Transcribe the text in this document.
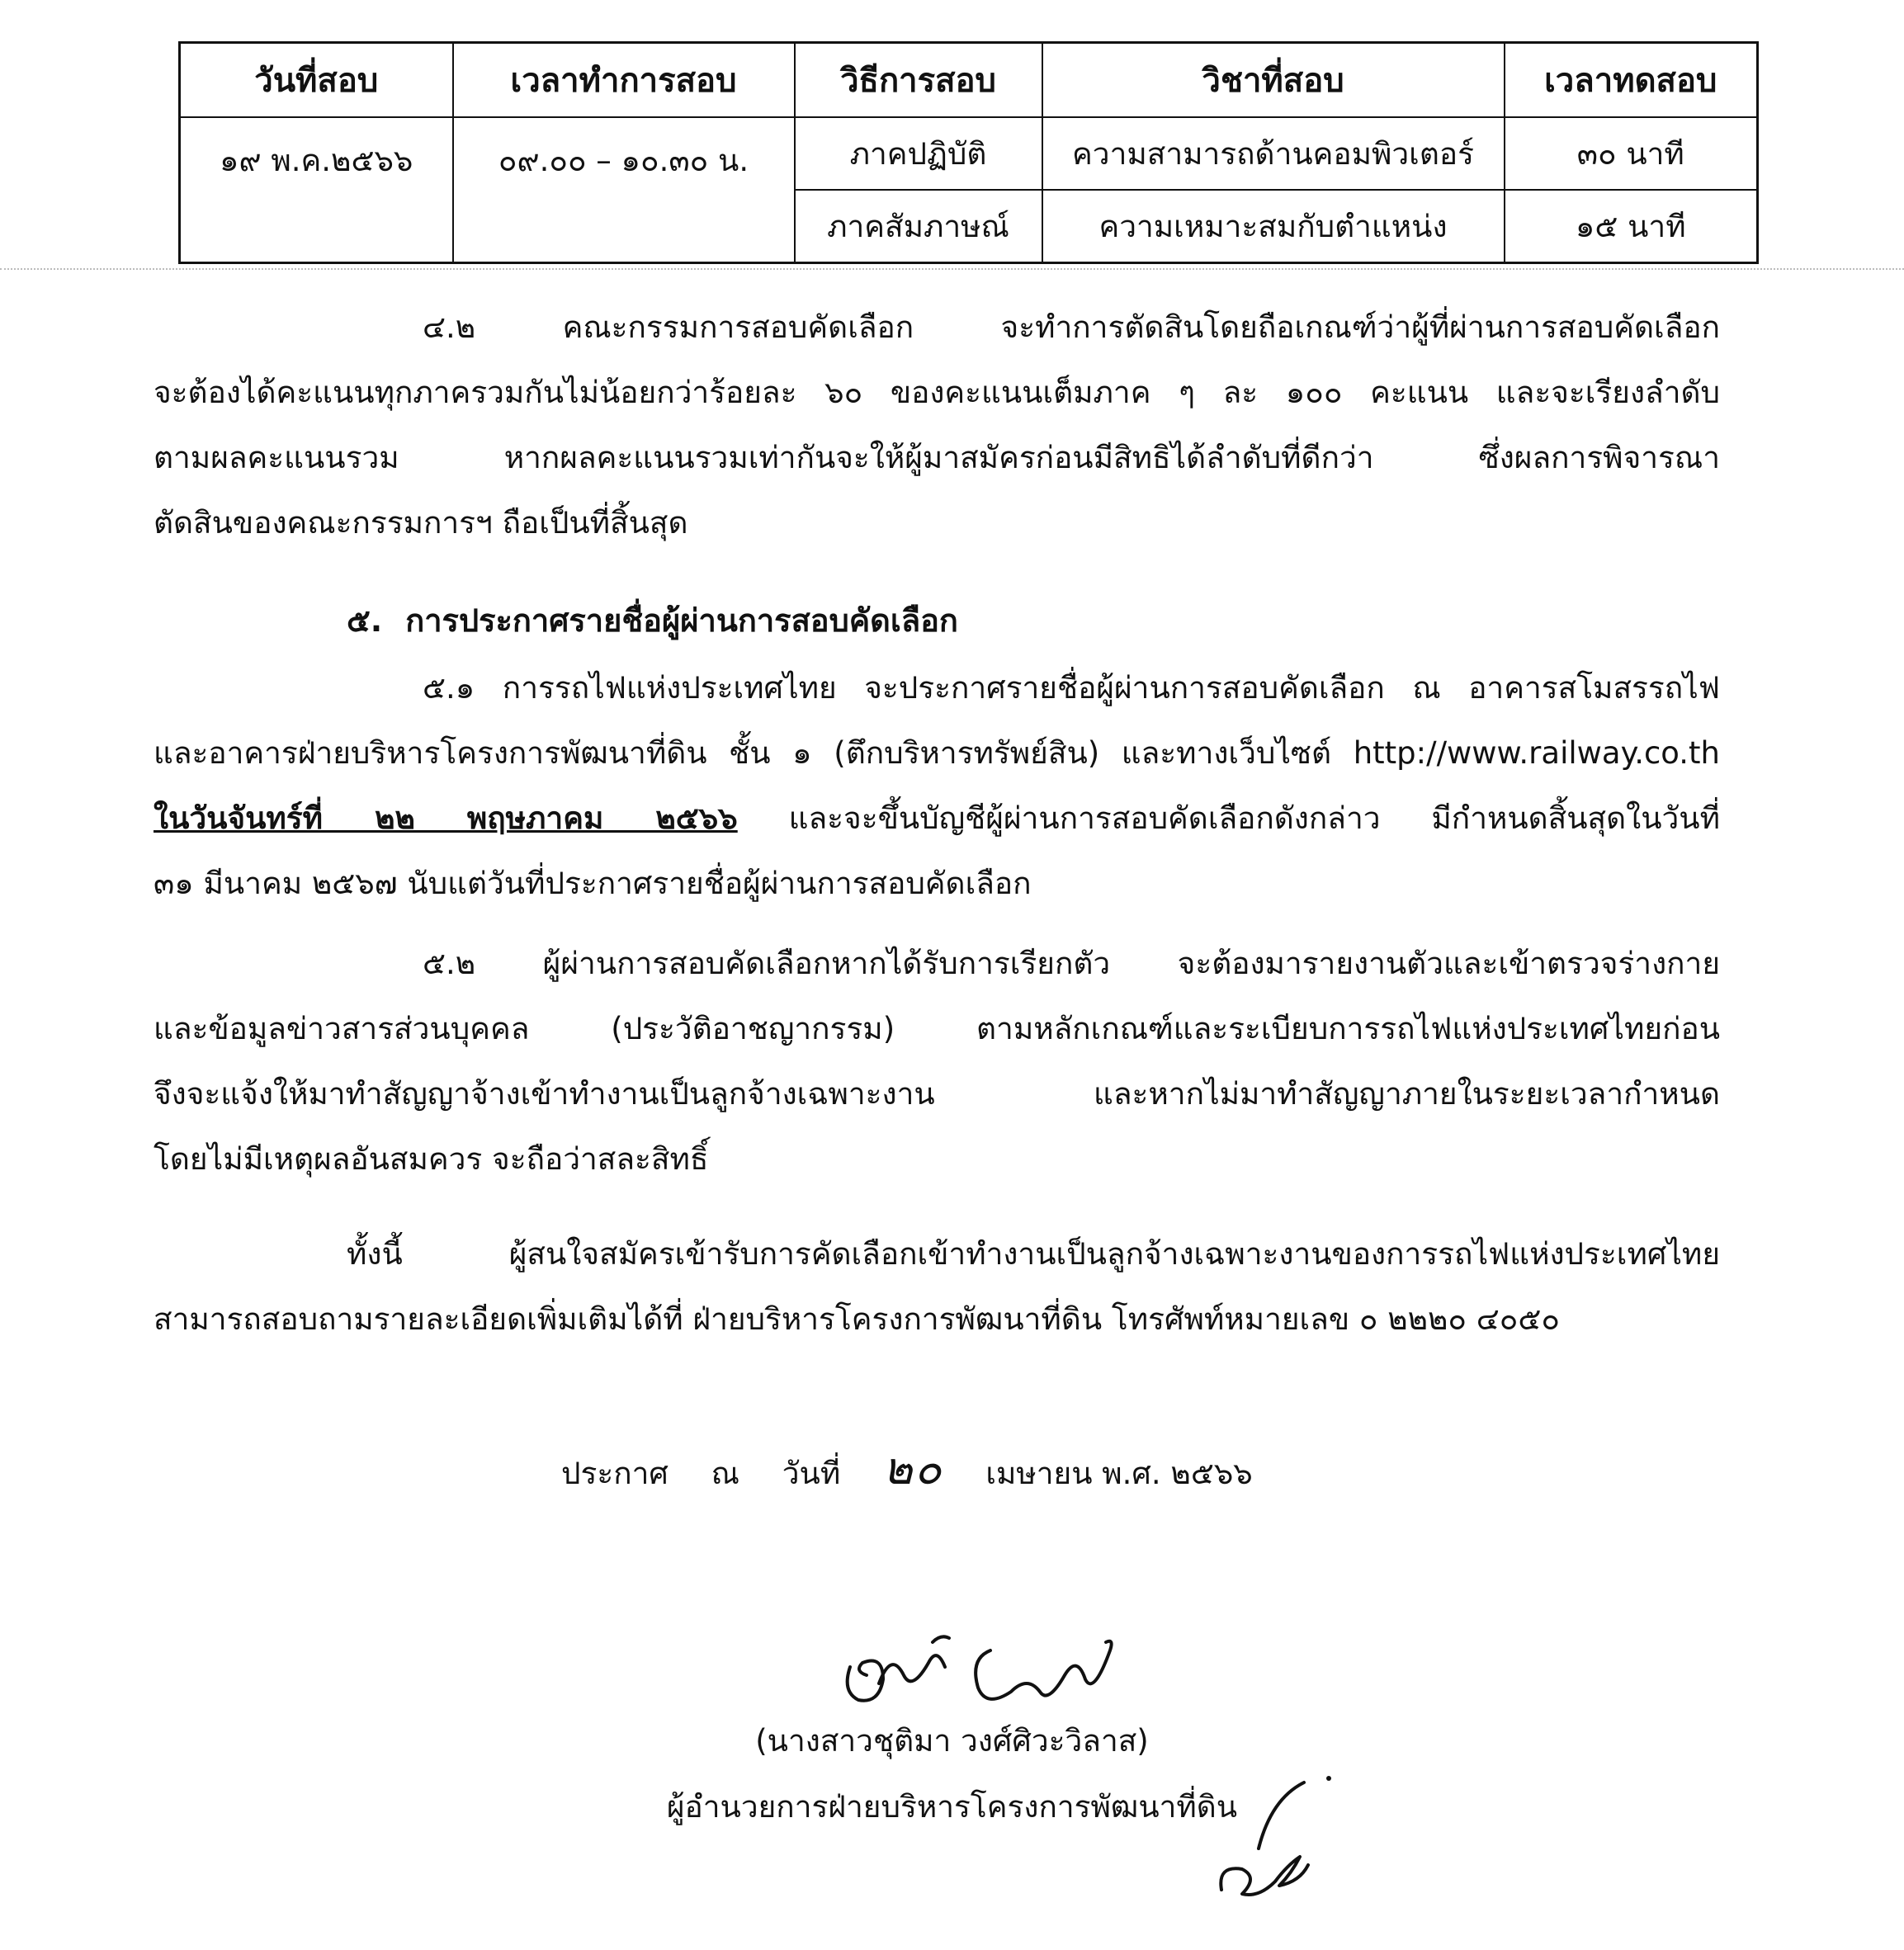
วันที่สอบ	เวลาทำการสอบ	วิธีการสอบ	วิชาที่สอบ	เวลาทดสอบ
๑๙ พ.ค.๒๕๖๖	๐๙.๐๐ – ๑๐.๓๐ น.	ภาคปฏิบัติ	ความสามารถด้านคอมพิวเตอร์	๓๐ นาที
		ภาคสัมภาษณ์	ความเหมาะสมกับตำแหน่ง	๑๕ นาที
๔.๒ คณะกรรมการสอบคัดเลือก จะทำการตัดสินโดยถือเกณฑ์ว่าผู้ที่ผ่านการสอบคัดเลือก
จะต้องได้คะแนนทุกภาครวมกันไม่น้อยกว่าร้อยละ ๖๐ ของคะแนนเต็มภาค ๆ ละ ๑๐๐ คะแนน และจะเรียงลำดับ
ตามผลคะแนนรวม หากผลคะแนนรวมเท่ากันจะให้ผู้มาสมัครก่อนมีสิทธิได้ลำดับที่ดีกว่า ซึ่งผลการพิจารณา
ตัดสินของคณะกรรมการฯ ถือเป็นที่สิ้นสุด
๕. การประกาศรายชื่อผู้ผ่านการสอบคัดเลือก
๕.๑ การรถไฟแห่งประเทศไทย จะประกาศรายชื่อผู้ผ่านการสอบคัดเลือก ณ อาคารสโมสรรถไฟ
และอาคารฝ่ายบริหารโครงการพัฒนาที่ดิน ชั้น ๑ (ตึกบริหารทรัพย์สิน) และทางเว็บไซต์ http://www.railway.co.th
ในวันจันทร์ที่ ๒๒ พฤษภาคม ๒๕๖๖ และจะขึ้นบัญชีผู้ผ่านการสอบคัดเลือกดังกล่าว มีกำหนดสิ้นสุดในวันที่
๓๑ มีนาคม ๒๕๖๗ นับแต่วันที่ประกาศรายชื่อผู้ผ่านการสอบคัดเลือก
๕.๒ ผู้ผ่านการสอบคัดเลือกหากได้รับการเรียกตัว จะต้องมารายงานตัวและเข้าตรวจร่างกาย
และข้อมูลข่าวสารส่วนบุคคล (ประวัติอาชญากรรม) ตามหลักเกณฑ์และระเบียบการรถไฟแห่งประเทศไทยก่อน
จึงจะแจ้งให้มาทำสัญญาจ้างเข้าทำงานเป็นลูกจ้างเฉพาะงาน และหากไม่มาทำสัญญาภายในระยะเวลากำหนด
โดยไม่มีเหตุผลอันสมควร จะถือว่าสละสิทธิ์
ทั้งนี้ ผู้สนใจสมัครเข้ารับการคัดเลือกเข้าทำงานเป็นลูกจ้างเฉพาะงานของการรถไฟแห่งประเทศไทย
สามารถสอบถามรายละเอียดเพิ่มเติมได้ที่ ฝ่ายบริหารโครงการพัฒนาที่ดิน โทรศัพท์หมายเลข ๐ ๒๒๒๐ ๔๐๕๐
ประกาศ ณ วันที่ ๒๐ เมษายน พ.ศ. ๒๕๖๖
(นางสาวชุติมา วงศ์ศิวะวิลาส)
ผู้อำนวยการฝ่ายบริหารโครงการพัฒนาที่ดิน
